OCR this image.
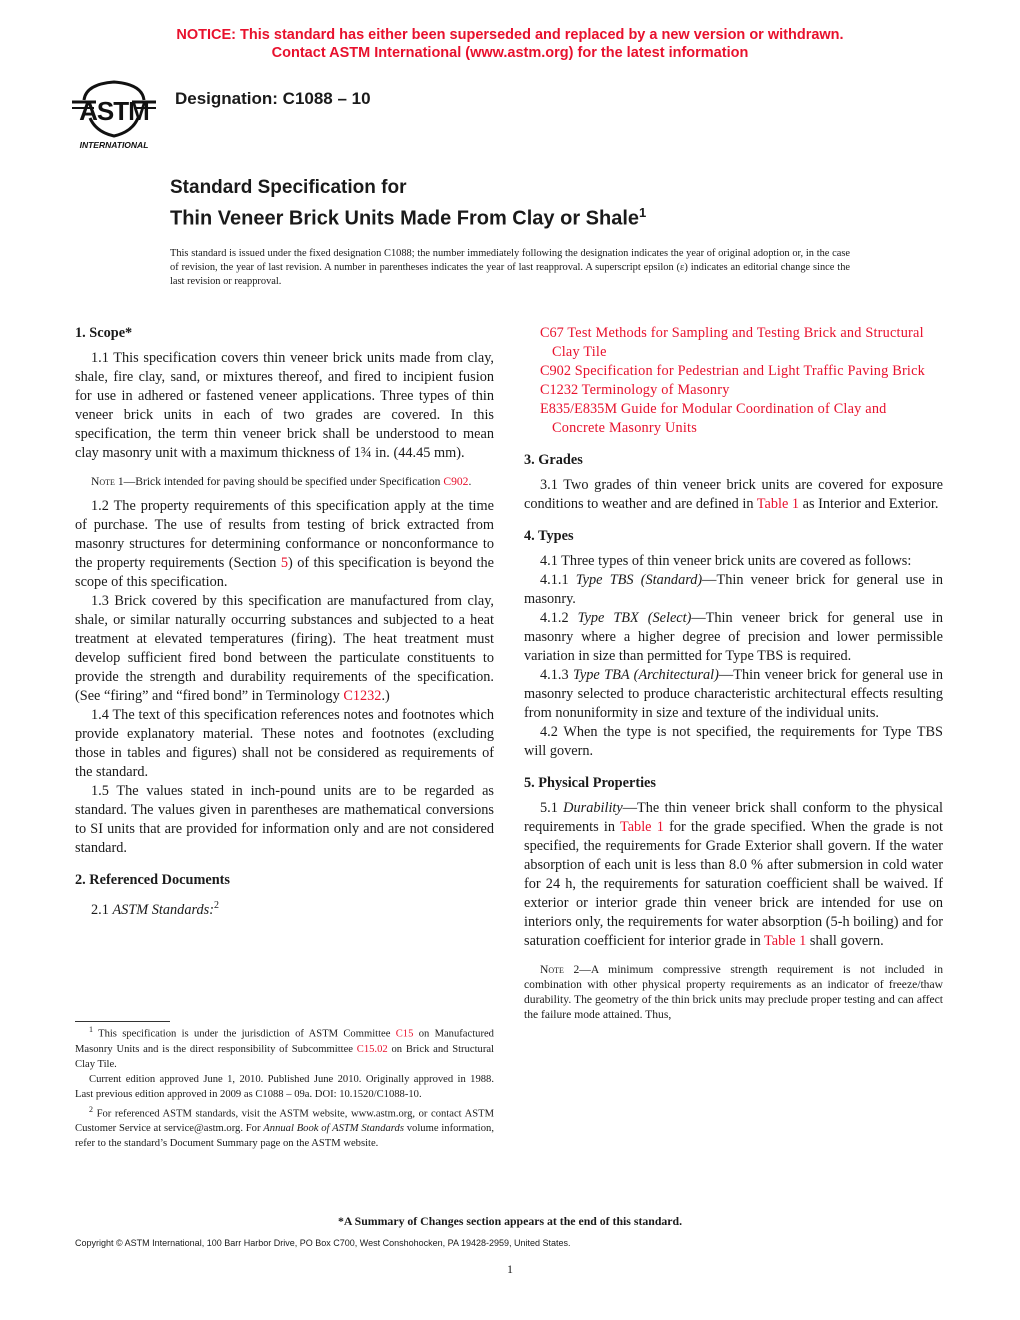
NOTICE: This standard has either been superseded and replaced by a new version or withdrawn.
Contact ASTM International (www.astm.org) for the latest information
ASTM
INTERNATIONAL
Designation: C1088 – 10
Standard Specification for
Thin Veneer Brick Units Made From Clay or Shale$^1$
This standard is issued under the fixed designation C1088; the number immediately following the designation indicates the year of original adoption or, in the case of revision, the year of last revision. A number in parentheses indicates the year of last reapproval. A superscript epsilon (ε) indicates an editorial change since the last revision or reapproval.
1. Scope*

1.1 This specification covers thin veneer brick units made from clay, shale, fire clay, sand, or mixtures thereof, and fired to incipient fusion for use in adhered or fastened veneer applications. Three types of thin veneer brick units in each of two grades are covered. In this specification, the term thin veneer brick shall be understood to mean clay masonry unit with a maximum thickness of 1¾ in. (44.45 mm).

Note 1—Brick intended for paving should be specified under Specification C902.

1.2 The property requirements of this specification apply at the time of purchase. The use of results from testing of brick extracted from masonry structures for determining conformance or nonconformance to the property requirements (Section 5) of this specification is beyond the scope of this specification.

1.3 Brick covered by this specification are manufactured from clay, shale, or similar naturally occurring substances and subjected to a heat treatment at elevated temperatures (firing). The heat treatment must develop sufficient fired bond between the particulate constituents to provide the strength and durability requirements of the specification. (See “firing” and “fired bond” in Terminology C1232.)

1.4 The text of this specification references notes and footnotes which provide explanatory material. These notes and footnotes (excluding those in tables and figures) shall not be considered as requirements of the standard.

1.5 The values stated in inch-pound units are to be regarded as standard. The values given in parentheses are mathematical conversions to SI units that are provided for information only and are not considered standard.

2. Referenced Documents

2.1 ASTM Standards:$^2$

C67 Test Methods for Sampling and Testing Brick and Structural Clay Tile

C902 Specification for Pedestrian and Light Traffic Paving Brick

C1232 Terminology of Masonry

E835/E835M Guide for Modular Coordination of Clay and Concrete Masonry Units

3. Grades

3.1 Two grades of thin veneer brick units are covered for exposure conditions to weather and are defined in Table 1 as Interior and Exterior.

4. Types

4.1 Three types of thin veneer brick units are covered as follows:

4.1.1 Type TBS (Standard)—Thin veneer brick for general use in masonry.

4.1.2 Type TBX (Select)—Thin veneer brick for general use in masonry where a higher degree of precision and lower permissible variation in size than permitted for Type TBS is required.

4.1.3 Type TBA (Architectural)—Thin veneer brick for general use in masonry selected to produce characteristic architectural effects resulting from nonuniformity in size and texture of the individual units.

4.2 When the type is not specified, the requirements for Type TBS will govern.

5. Physical Properties

5.1 Durability—The thin veneer brick shall conform to the physical requirements in Table 1 for the grade specified. When the grade is not specified, the requirements for Grade Exterior shall govern. If the water absorption of each unit is less than 8.0 % after submersion in cold water for 24 h, the requirements for saturation coefficient shall be waived. If exterior or interior grade thin veneer brick are intended for use on interiors only, the requirements for water absorption (5-h boiling) and for saturation coefficient for interior grade in Table 1 shall govern.

Note 2—A minimum compressive strength requirement is not included in combination with other physical property requirements as an indicator of freeze/thaw durability. The geometry of the thin brick units may preclude proper testing and can affect the failure mode attained. Thus,

$^1$ This specification is under the jurisdiction of ASTM Committee C15 on Manufactured Masonry Units and is the direct responsibility of Subcommittee C15.02 on Brick and Structural Clay Tile.

Current edition approved June 1, 2010. Published June 2010. Originally approved in 1988. Last previous edition approved in 2009 as C1088 – 09a. DOI: 10.1520/C1088-10.

$^2$ For referenced ASTM standards, visit the ASTM website, www.astm.org, or contact ASTM Customer Service at service@astm.org. For Annual Book of ASTM Standards volume information, refer to the standard’s Document Summary page on the ASTM website.

*A Summary of Changes section appears at the end of this standard.
Copyright © ASTM International, 100 Barr Harbor Drive, PO Box C700, West Conshohocken, PA 19428-2959, United States.
1
